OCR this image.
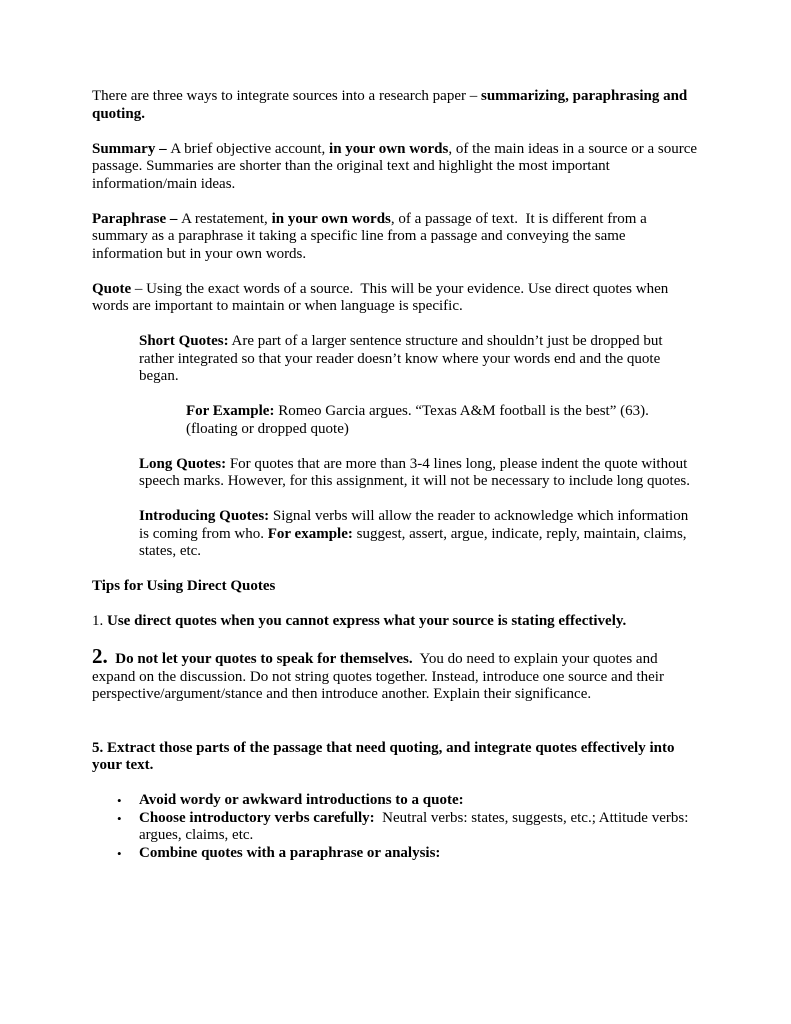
There are three ways to integrate sources into a research paper – summarizing, paraphrasing and quoting.

Summary – A brief objective account, in your own words, of the main ideas in a source or a source passage. Summaries are shorter than the original text and highlight the most important information/main ideas.

Paraphrase – A restatement, in your own words, of a passage of text.  It is different from a summary as a paraphrase it taking a specific line from a passage and conveying the same information but in your own words.

Quote – Using the exact words of a source.  This will be your evidence. Use direct quotes when words are important to maintain or when language is specific.

Short Quotes: Are part of a larger sentence structure and shouldn’t just be dropped but rather integrated so that your reader doesn’t know where your words end and the quote began.

For Example: Romeo Garcia argues. “Texas A&M football is the best” (63).  (floating or dropped quote)

Long Quotes: For quotes that are more than 3-4 lines long, please indent the quote without speech marks. However, for this assignment, it will not be necessary to include long quotes.

Introducing Quotes: Signal verbs will allow the reader to acknowledge which information is coming from who. For example: suggest, assert, argue, indicate, reply, maintain, claims, states, etc.

Tips for Using Direct Quotes

1. Use direct quotes when you cannot express what your source is stating effectively.

2.  Do not let your quotes to speak for themselves.  You do need to explain your quotes and expand on the discussion. Do not string quotes together. Instead, introduce one source and their perspective/argument/stance and then introduce another. Explain their significance.

5. Extract those parts of the passage that need quoting, and integrate quotes effectively into your text.

•	Avoid wordy or awkward introductions to a quote:
•	Choose introductory verbs carefully:  Neutral verbs: states, suggests, etc.; Attitude verbs: argues, claims, etc.
•	Combine quotes with a paraphrase or analysis:
